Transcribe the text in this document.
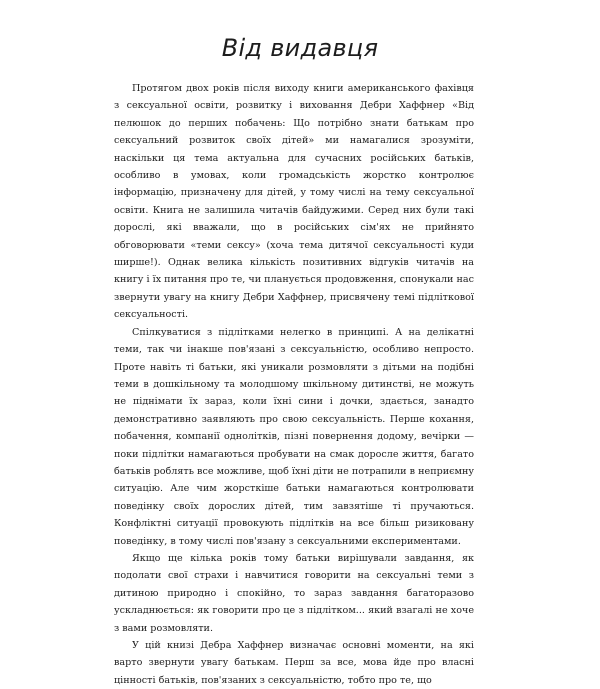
Від видавця

Протягом двох років після виходу книги американського фахівця з сексуальної освіти, розвитку і виховання Дебри Хаффнер «Від пелюшок до перших побачень: Що потрібно знати батькам про сексуальний розвиток своїх дітей» ми намагалися зрозуміти, наскільки ця тема актуальна для сучасних російських батьків, особливо в умовах, коли громадськість жорстко контролює інформацію, призначену для дітей, у тому числі на тему сексуальної освіти. Книга не залишила читачів байдужими. Серед них були такі дорослі, які вважали, що в російських сім'ях не прийнято обговорювати «теми сексу» (хоча тема дитячої сексуальності куди ширше!). Однак велика кількість позитивних відгуків читачів на книгу і їх питання про те, чи планується продовження, спонукали нас звернути увагу на книгу Дебри Хаффнер, присвячену темі підліткової сексуальності.

Спілкуватися з підлітками нелегко в принципі. А на делікатні теми, так чи інакше пов'язані з сексуальністю, особливо непросто. Проте навіть ті батьки, які уникали розмовляти з дітьми на подібні теми в дошкільному та молодшому шкільному дитинстві, не можуть не піднімати їх зараз, коли їхні сини і дочки, здається, занадто демонстративно заявляють про свою сексуальність. Перше кохання, побачення, компанії однолітків, пізні повернення додому, вечірки — поки підлітки намагаються пробувати на смак доросле життя, багато батьків роблять все можливе, щоб їхні діти не потрапили в неприємну ситуацію. Але чим жорсткіше батьки намагаються контролювати поведінку своїх дорослих дітей, тим завзятіше ті пручаються. Конфліктні ситуації провокують підлітків на все більш ризиковану поведінку, в тому числі пов'язану з сексуальними експериментами.

Якщо ще кілька років тому батьки вирішували завдання, як подолати свої страхи і навчитися говорити на сексуальні теми з дитиною природно і спокійно, то зараз завдання багаторазово ускладнюється: як говорити про це з підлітком... який взагалі не хоче з вами розмовляти.

У цій книзі Дебра Хаффнер визначає основні моменти, на які варто звернути увагу батькам. Перш за все, мова йде про власні цінності батьків, пов'язаних з сексуальністю, тобто про те, що
